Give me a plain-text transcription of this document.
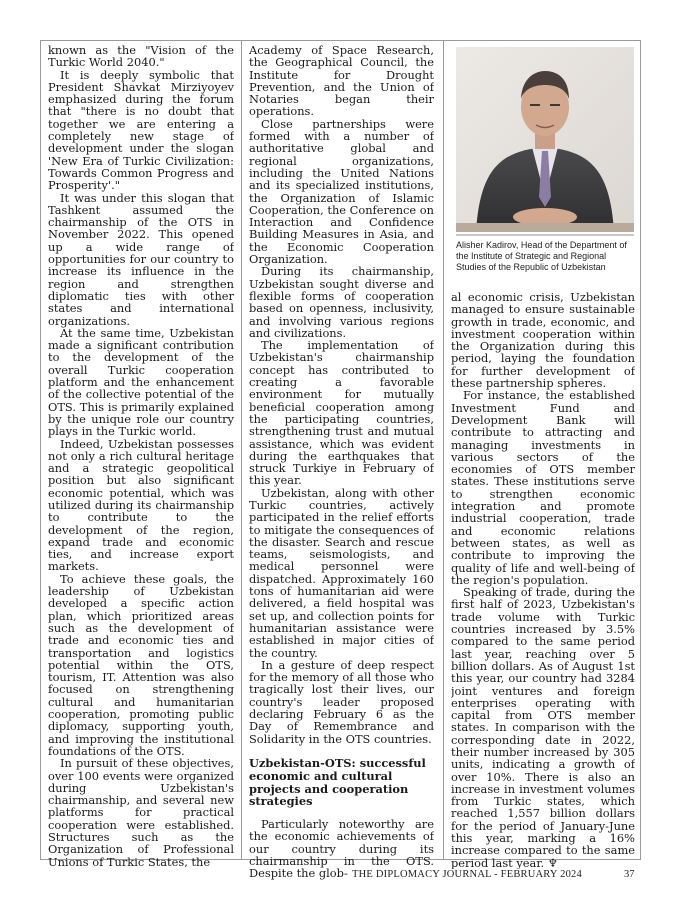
known as the "Vision of the Turkic World 2040."

It is deeply symbolic that President Shavkat Mirziyoyev emphasized during the forum that "there is no doubt that together we are entering a completely new stage of development under the slogan 'New Era of Turkic Civilization: Towards Common Progress and Prosperity'."

It was under this slogan that Tashkent assumed the chairmanship of the OTS in November 2022. This opened up a wide range of opportunities for our country to increase its influence in the region and strengthen diplomatic ties with other states and international organizations.

At the same time, Uzbekistan made a significant contribution to the development of the overall Turkic cooperation platform and the enhancement of the collective potential of the OTS. This is primarily explained by the unique role our country plays in the Turkic world.

Indeed, Uzbekistan possesses not only a rich cultural heritage and a strategic geopolitical position but also significant economic potential, which was utilized during its chairmanship to contribute to the development of the region, expand trade and economic ties, and increase export markets.

To achieve these goals, the leadership of Uzbekistan developed a specific action plan, which prioritized areas such as the development of trade and economic ties and transportation and logistics potential within the OTS, tourism, IT. Attention was also focused on strengthening cultural and humanitarian cooperation, promoting public diplomacy, supporting youth, and improving the institutional foundations of the OTS.

In pursuit of these objectives, over 100 events were organized during Uzbekistan's chairmanship, and several new platforms for practical cooperation were established. Structures such as the Organization of Professional Unions of Turkic States, the

Academy of Space Research, the Geographical Council, the Institute for Drought Prevention, and the Union of Notaries began their operations.

Close partnerships were formed with a number of authoritative global and regional organizations, including the United Nations and its specialized institutions, the Organization of Islamic Cooperation, the Conference on Interaction and Confidence Building Measures in Asia, and the Economic Cooperation Organization.

During its chairmanship, Uzbekistan sought diverse and flexible forms of cooperation based on openness, inclusivity, and involving various regions and civilizations.

The implementation of Uzbekistan's chairmanship concept has contributed to creating a favorable environment for mutually beneficial cooperation among the participating countries, strengthening trust and mutual assistance, which was evident during the earthquakes that struck Turkiye in February of this year.

Uzbekistan, along with other Turkic countries, actively participated in the relief efforts to mitigate the consequences of the disaster. Search and rescue teams, seismologists, and medical personnel were dispatched. Approximately 160 tons of humanitarian aid were delivered, a field hospital was set up, and collection points for humanitarian assistance were established in major cities of the country.

In a gesture of deep respect for the memory of all those who tragically lost their lives, our country's leader proposed declaring February 6 as the Day of Remembrance and Solidarity in the OTS countries.

Uzbekistan-OTS: successful economic and cultural projects and cooperation strategies

Particularly noteworthy are the economic achievements of our country during its chairmanship in the OTS. Despite the glob-

Alisher Kadirov, Head of the Department of the Institute of Strategic and Regional Studies of the Republic of Uzbekistan

al economic crisis, Uzbekistan managed to ensure sustainable growth in trade, economic, and investment cooperation within the Organization during this period, laying the foundation for further development of these partnership spheres.

For instance, the established Investment Fund and Development Bank will contribute to attracting and managing investments in various sectors of the economies of OTS member states. These institutions serve to strengthen economic integration and promote industrial cooperation, trade and economic relations between states, as well as contribute to improving the quality of life and well-being of the region's population.

Speaking of trade, during the first half of 2023, Uzbekistan's trade volume with Turkic countries increased by 3.5% compared to the same period last year, reaching over 5 billion dollars. As of August 1st this year, our country had 3284 joint ventures and foreign enterprises operating with capital from OTS member states. In comparison with the corresponding date in 2022, their number increased by 305 units, indicating a growth of over 10%. There is also an increase in investment volumes from Turkic states, which reached 1,557 billion dollars for the period of January-June this year, marking a 16% increase compared to the same period last year. ♆

THE DIPLOMACY JOURNAL - FEBRUARY 2024	37
